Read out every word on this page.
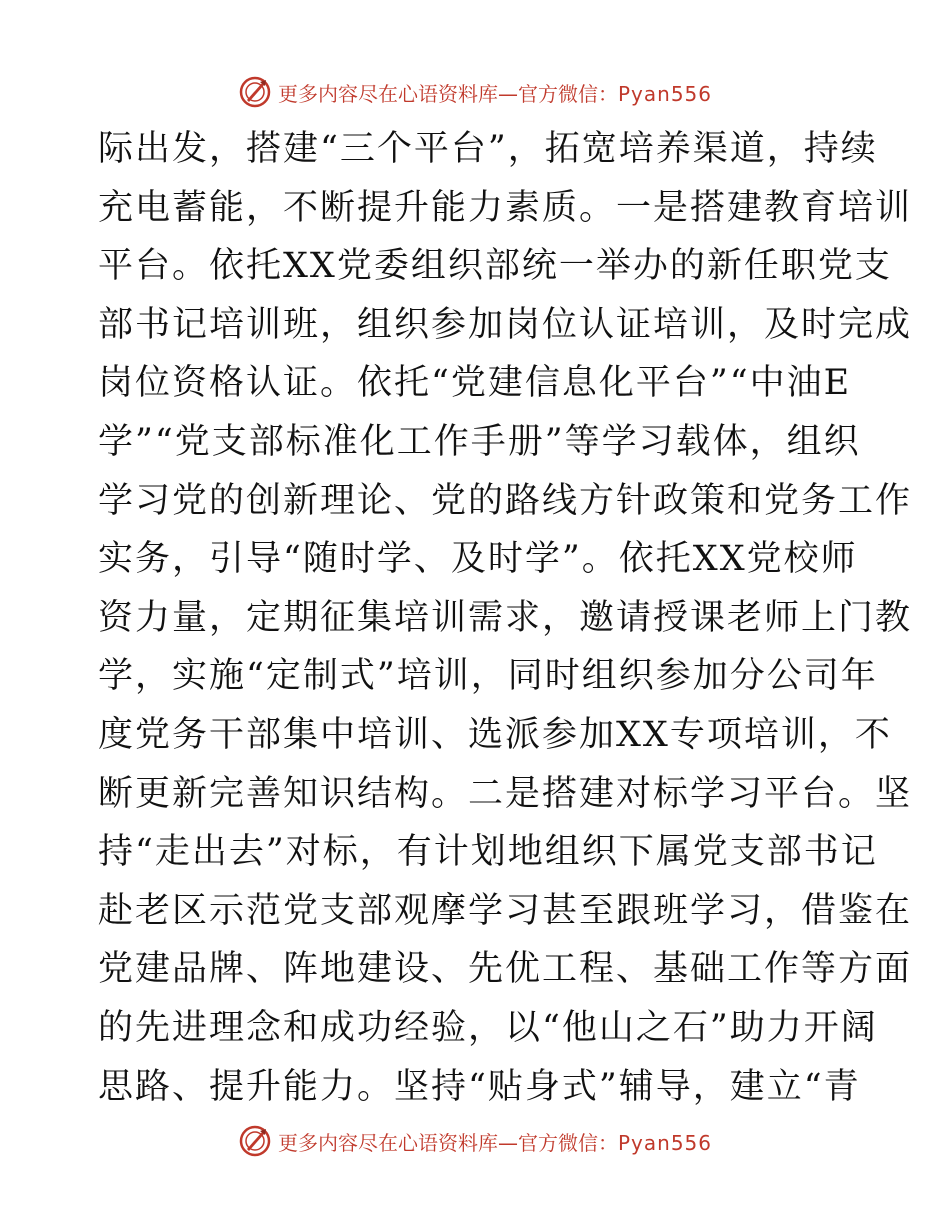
更多内容尽在心语资料库—官方微信：Pyan556
际出发，搭建“三个平台”，拓宽培养渠道，持续
充电蓄能，不断提升能力素质。一是搭建教育培训
平台。依托XX党委组织部统一举办的新任职党支
部书记培训班，组织参加岗位认证培训，及时完成
岗位资格认证。依托“党建信息化平台”“中油E
学”“党支部标准化工作手册”等学习载体，组织
学习党的创新理论、党的路线方针政策和党务工作
实务，引导“随时学、及时学”。依托XX党校师
资力量，定期征集培训需求，邀请授课老师上门教
学，实施“定制式”培训，同时组织参加分公司年
度党务干部集中培训、选派参加XX专项培训，不
断更新完善知识结构。二是搭建对标学习平台。坚
持“走出去”对标，有计划地组织下属党支部书记
赴老区示范党支部观摩学习甚至跟班学习，借鉴在
党建品牌、阵地建设、先优工程、基础工作等方面
的先进理念和成功经验，以“他山之石”助力开阔
思路、提升能力。坚持“贴身式”辅导，建立“青
更多内容尽在心语资料库—官方微信：Pyan556
